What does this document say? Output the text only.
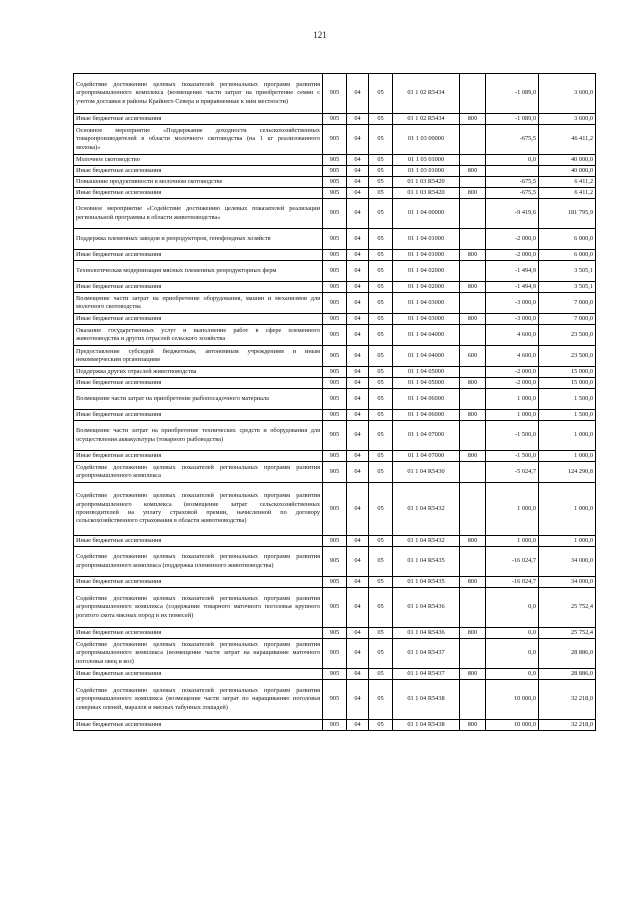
121
Содействие достижению целевых показателей региональных программ развития агропромышленного комплекса (возмещение части затрат на приобретение семян с учетом доставки в районы Крайнего Севера и приравненные к ним местности)	905	04	05	01 1 02 R5434		-1 089,0	3 600,0
Иные бюджетные ассигнования	905	04	05	01 1 02 R5434	800	-1 089,0	3 600,0
Основное мероприятие «Поддержание доходности сельскохозяйственных товаропроизводителей в области молочного скотоводства (на 1 кг реализованного молока)»	905	04	05	01 1 03 00000		-675,5	46 411,2
Молочное скотоводство	905	04	05	01 1 03 01000		0,0	40 000,0
Иные бюджетные ассигнования	905	04	05	01 1 03 01000	800		40 000,0
Повышение продуктивности в молочном скотоводстве	905	04	05	01 1 03 R5420		-675,5	6 411,2
Иные бюджетные ассигнования	905	04	05	01 1 03 R5420	800	-675,5	6 411,2
Основное мероприятие «Содействие достижению целевых показателей реализации региональной программы в области животноводства»	905	04	05	01 1 04 00000		-9 419,6	181 795,9
Поддержка племенных заводов и репродукторов, генофондных хозяйств	905	04	05	01 1 04 01000		-2 000,0	6 000,0
Иные бюджетные ассигнования	905	04	05	01 1 04 01000	800	-2 000,0	6 000,0
Технологическая модернизация мясных племенных репродукторных ферм	905	04	05	01 1 04 02000		-1 494,9	3 505,1
Иные бюджетные ассигнования	905	04	05	01 1 04 02000	800	-1 494,9	3 505,1
Возмещение части затрат на приобретение оборудования, машин и механизмов для молочного скотоводства	905	04	05	01 1 04 03000		-3 000,0	7 000,0
Иные бюджетные ассигнования	905	04	05	01 1 04 03000	800	-3 000,0	7 000,0
Оказание государственных услуг и выполнение работ в сфере племенного животноводства и других отраслей сельского хозяйства	905	04	05	01 1 04 04000		4 600,0	23 500,0
Предоставление субсидий бюджетным, автономным учреждениям и иным некоммерческим организациям	905	04	05	01 1 04 04000	600	4 600,0	23 500,0
Поддержка других отраслей животноводства	905	04	05	01 1 04 05000		-2 000,0	15 000,0
Иные бюджетные ассигнования	905	04	05	01 1 04 05000	800	-2 000,0	15 000,0
Возмещение части затрат на приобретение рыбопосадочного материала	905	04	05	01 1 04 06000		1 000,0	1 500,0
Иные бюджетные ассигнования	905	04	05	01 1 04 06000	800	1 000,0	1 500,0
Возмещение части затрат на приобретение технических средств и оборудования для осуществления аквакультуры (товарного рыбоводства)	905	04	05	01 1 04 07000		-1 500,0	1 000,0
Иные бюджетные ассигнования	905	04	05	01 1 04 07000	800	-1 500,0	1 000,0
Содействие достижению целевых показателей региональных программ развития агропромышленного комплекса	905	04	05	01 1 04 R5430		-5 024,7	124 290,8
Содействие достижению целевых показателей региональных программ развития агропромышленного комплекса (возмещение затрат сельскохозяйственных производителей на уплату страховой премии, начисленной по договору сельскохозяйственного страхования в области животноводства)	905	04	05	01 1 04 R5432		1 000,0	1 000,0
Иные бюджетные ассигнования	905	04	05	01 1 04 R5432	800	1 000,0	1 000,0
Содействие достижению целевых показателей региональных программ развития агропромышленного комплекса (поддержка племенного животноводства)	905	04	05	01 1 04 R5435		-16 024,7	34 000,0
Иные бюджетные ассигнования	905	04	05	01 1 04 R5435	800	-16 024,7	34 000,0
Содействие достижению целевых показателей региональных программ развития агропромышленного комплекса (содержание товарного маточного поголовья крупного рогатого скота мясных пород и их помесей)	905	04	05	01 1 04 R5436		0,0	25 752,4
Иные бюджетные ассигнования	905	04	05	01 1 04 R5436	800	0,0	25 752,4
Содействие достижению целевых показателей региональных программ развития агропромышленного комплекса (возмещение части затрат на наращивание маточного поголовья овец и коз)	905	04	05	01 1 04 R5437		0,0	28 886,0
Иные бюджетные ассигнования	905	04	05	01 1 04 R5437	800	0,0	28 886,0
Содействие достижению целевых показателей региональных программ развития агропромышленного комплекса (возмещение части затрат по наращиванию поголовья северных оленей, маралов и мясных табунных лошадей)	905	04	05	01 1 04 R5438		10 000,0	32 218,0
Иные бюджетные ассигнования	905	04	05	01 1 04 R5438	800	10 000,0	32 218,0
